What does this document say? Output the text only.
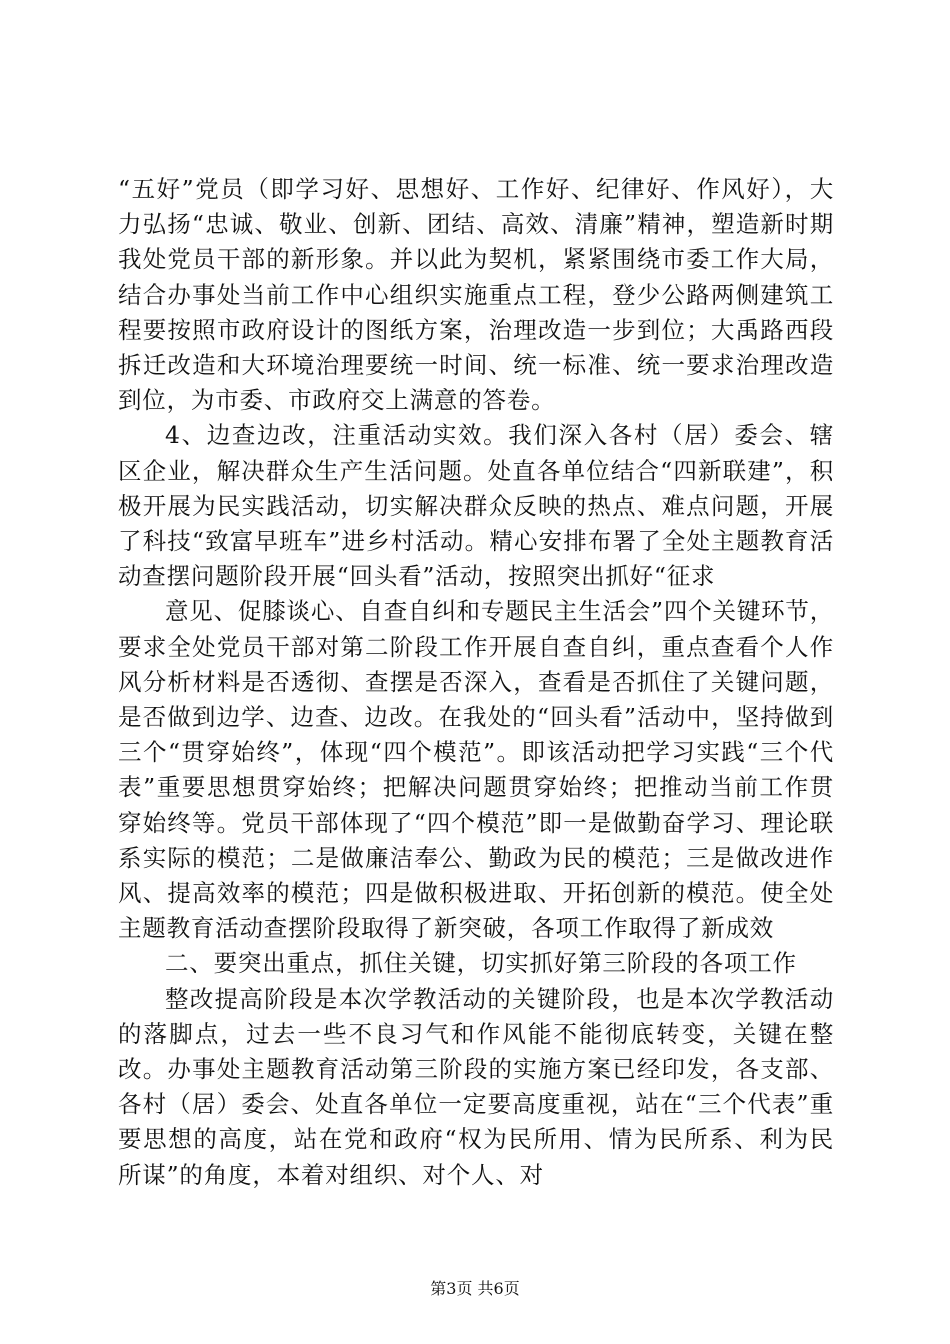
“五好”党员（即学习好、思想好、工作好、纪律好、作风好），大力弘扬“忠诚、敬业、创新、团结、高效、清廉”精神，塑造新时期我处党员干部的新形象。并以此为契机，紧紧围绕市委工作大局，结合办事处当前工作中心组织实施重点工程，登少公路两侧建筑工程要按照市政府设计的图纸方案，治理改造一步到位；大禹路西段拆迁改造和大环境治理要统一时间、统一标准、统一要求治理改造到位，为市委、市政府交上满意的答卷。

4、边查边改，注重活动实效。我们深入各村（居）委会、辖区企业，解决群众生产生活问题。处直各单位结合“四新联建”，积极开展为民实践活动，切实解决群众反映的热点、难点问题，开展了科技“致富早班车”进乡村活动。精心安排布署了全处主题教育活动查摆问题阶段开展“回头看”活动，按照突出抓好“征求

意见、促膝谈心、自查自纠和专题民主生活会”四个关键环节，要求全处党员干部对第二阶段工作开展自查自纠，重点查看个人作风分析材料是否透彻、查摆是否深入，查看是否抓住了关键问题，是否做到边学、边查、边改。在我处的“回头看”活动中，坚持做到三个“贯穿始终”，体现“四个模范”。即该活动把学习实践“三个代表”重要思想贯穿始终；把解决问题贯穿始终；把推动当前工作贯穿始终等。党员干部体现了“四个模范”即一是做勤奋学习、理论联系实际的模范；二是做廉洁奉公、勤政为民的模范；三是做改进作风、提高效率的模范；四是做积极进取、开拓创新的模范。使全处主题教育活动查摆阶段取得了新突破，各项工作取得了新成效

二、要突出重点，抓住关键，切实抓好第三阶段的各项工作

整改提高阶段是本次学教活动的关键阶段，也是本次学教活动的落脚点，过去一些不良习气和作风能不能彻底转变，关键在整改。办事处主题教育活动第三阶段的实施方案已经印发，各支部、各村（居）委会、处直各单位一定要高度重视，站在“三个代表”重要思想的高度，站在党和政府“权为民所用、情为民所系、利为民所谋”的角度，本着对组织、对个人、对

第3页 共6页
